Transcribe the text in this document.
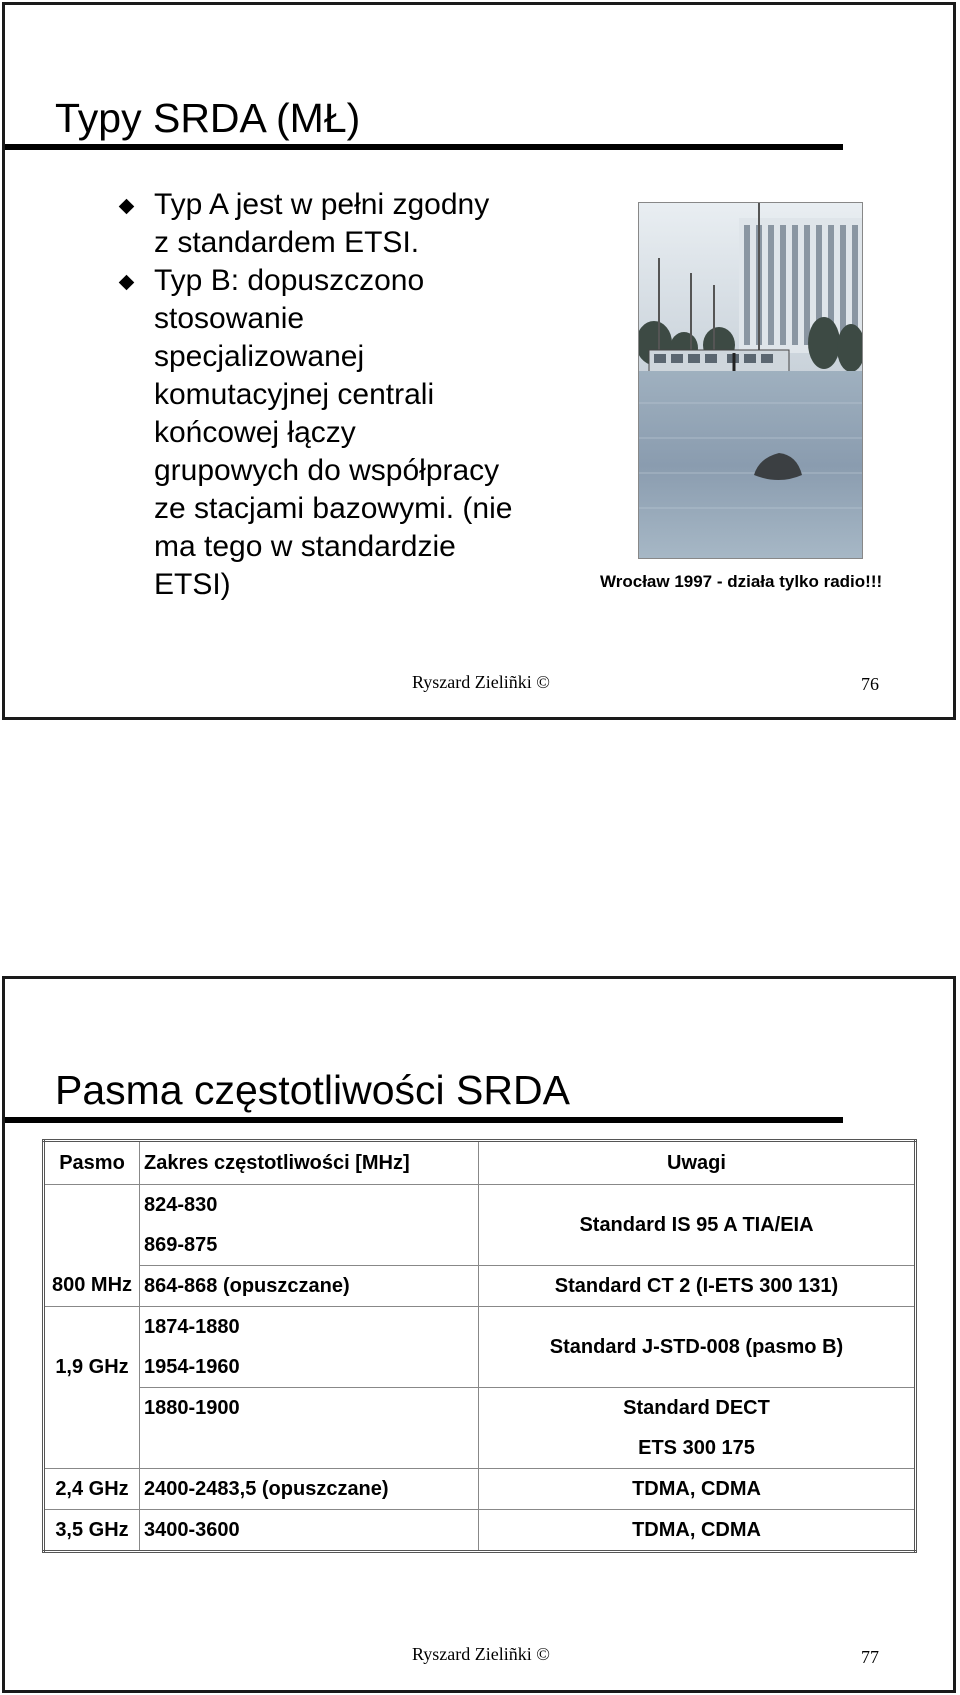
Typy SRDA (MŁ)
Typ A jest w pełni zgodny
z standardem ETSI.
Typ B: dopuszczono
stosowanie
specjalizowanej
komutacyjnej centrali
końcowej łączy
grupowych do współpracy
ze stacjami bazowymi. (nie
ma tego w standardzie
ETSI)	Wrocław 1997 - działa tylko radio!!!
Ryszard Zieliñki ©	76
Pasma częstotliwości SRDA
Pasmo	Zakres częstotliwości [MHz]	Uwagi
	824-830	Standard IS 95 A TIA/EIA
	869-875	
800 MHz	864-868 (opuszczane)	Standard CT 2 (I-ETS 300 131)
	1874-1880	Standard J-STD-008 (pasmo B)
1,9 GHz	1954-1960	
	1880-1900	Standard DECT
		ETS 300 175
2,4 GHz	2400-2483,5 (opuszczane)	TDMA, CDMA
3,5 GHz	3400-3600	TDMA, CDMA
Ryszard Zieliñki ©	77
